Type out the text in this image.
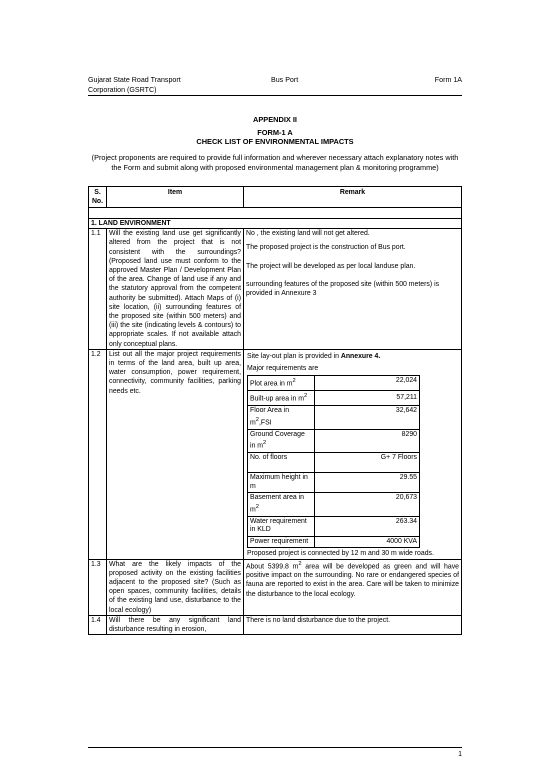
Gujarat State Road Transport Corporation (GSRTC)
Bus Port	Form 1A
APPENDIX II
FORM-1 A
CHECK LIST OF ENVIRONMENTAL IMPACTS
(Project proponents are required to provide full information and wherever necessary attach explanatory notes with the Form and submit along with proposed environmental management plan & monitoring programme)
S. No.	Item	Remark

1. LAND ENVIRONMENT
1.1	Will the existing land use get significantly altered from the project that is not consistent with the surroundings? (Proposed land use must conform to the approved Master Plan / Development Plan of the area. Change of land use if any and the statutory approval from the competent authority be submitted). Attach Maps of (i) site location, (ii) surrounding features of the proposed site (within 500 meters) and (iii) the site (indicating levels & contours) to appropriate scales. If not available attach only conceptual plans.	

No , the existing land will not get altered.

The proposed project is the construction of Bus port.

The project will be developed as per local landuse plan.

surrounding features of the proposed site (within 500 meters) is provided in Annexure 3

1.2	List out all the major project requirements in terms of the land area, built up area, water consumption, power requirement, connectivity, community facilities, parking needs etc.	

Site lay-out plan is provided in Annexure 4.

Major requirements are

Plot area in $m^2$	22,024
Built-up area in $m^2$	57,211
Floor Area in $m^2,FSI$	32,642
Ground Coverage in $m^2$	8290
No. of floors	G+ 7 Floors
Maximum height in m	29.55
Basement area in $m^2$	20,673
Water requirement in KLD	263.34
Power requirement	4000 KVA

Proposed project is connected by 12 m and 30 m wide roads.

1.3	What are the likely impacts of the proposed activity on the existing facilities adjacent to the proposed site? (Such as open spaces, community facilities, details of the existing land use, disturbance to the local ecology)	About 5399.8 $m^2$ area will be developed as green and will have positive impact on the surrounding. No rare or endangered species of fauna are reported to exist in the area. Care will be taken to minimize the disturbance to the local ecology.
1.4	Will there be any significant land disturbance resulting in erosion,	There is no land disturbance due to the project.
1
